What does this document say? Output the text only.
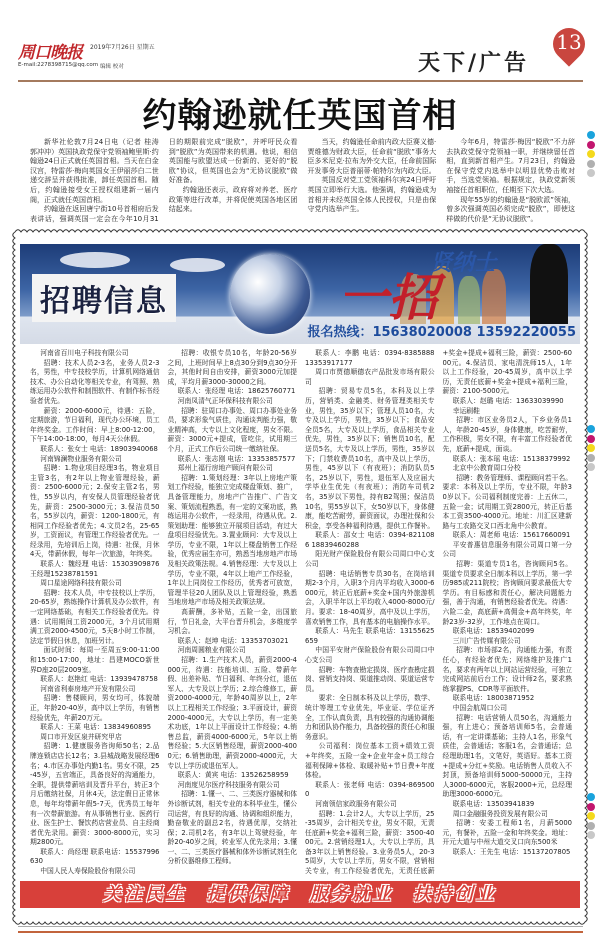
周口晚报 2019年7月26日 星期五
E-mail:2278398715@qq.com 编辑 校对	天下/广告
13
约翰逊就任英国首相

新华社伦敦7月24日电（记者 桂涛 郭冲冲）英国执政党保守党领袖鲍里斯·约翰逊24日正式就任英国首相。当天在白金汉宫，特雷莎·梅向英国女王伊丽莎白二世递交辞呈并获得批准，卸任英国首相。随后，约翰逊接受女王授权组建新一届内阁，正式就任英国首相。

约翰逊在返回唐宁街10号首相府后发表讲话，强调英国一定会在今年10月31日的期限前完成“脱欧”，并呼吁民众看到“脱欧”为英国带来的机遇。他说，相信英国能与欧盟达成一份新的、更好的“脱欧”协议，但英国也会为“无协议脱欧”做好准备。

约翰逊还表示，政府将对养老、医疗政策等进行改革，并将促使英国各地区团结起来。

当天，约翰逊任命前内政大臣赛义德·贾维德为财政大臣，任命前“脱欧”事务大臣多米尼克·拉布为外交大臣，任命前国际开发事务大臣普丽蒂·帕特尔为内政大臣。

英国反对党工党领袖科尔宾24日呼吁英国立即举行大选。他强调，约翰逊成为首相并未经英国全体人民授权，只是由保守党内选举产生。

今年6月，特雷莎·梅因“脱欧”不力辞去执政党保守党领袖一职，并继续留任首相，直到新首相产生。7月23日，约翰逊在保守党党内选举中以明显优势击败对手，当选党领袖。根据规定，执政党新领袖接任首相职位，任期至下次大选。

现年55岁的约翰逊是“脱欧派”领袖，曾多次强调英国必须完成“脱欧”，即使这样做的代价是“无协议脱欧”。

招聘信息	一招
贤纳士
报名热线：15638020008 13592220055

河南省百川电子科技有限公司

招聘：技术人员2-3名，业务人员2-3名，男性，中专技校学历，计算机网络通信技术、办公自动化等相关专业，有驾照、熟练运用办公软件和制图软件、有制作标书经验者优先。

薪资：2000-6000元，待遇：五险，定期旅游，节日福利，现代办公环境，员工年终奖金。工作时间：早上8:00-12:00，下午14:00-18:00，每月4天公休假。

联系人：张女士 电话：18903940068

河南锦澜物业服务有限公司

招聘：1.物业项目经理3名，物业项目主管3名，有2年以上物业管理经验，薪资：2500-6000元；2.保安主管2名，男性，55岁以内，有安保人员管理经验者优先，薪资：2500-3000元；3.保洁员50名，55岁以内，薪资：1200-1800元，有相同工作经验者优先；4.文员2名，25-65岁，工资面议，有管理工作经验者优先。一经录用，先培训后上岗，待遇：社保，月休4天，带薪休假，每年一次旅游，年终奖。

联系人：魏经理 电话：15303909876 王经理15238781591

周口星途网络科技有限公司

招聘：技术人员，中专技校以上学历，20-65岁，熟练操作计算机及办公软件，有一定网络基础，有相关工作经验者优先。待遇：试用期间工资2000元，3个月试用期满工资2000-4500元，5天8小时工作制，法定节假日休息，加班另计。

面试时间：每周一至周五9:00-11:00和15:00-17:00，地址：昌建MOCO新世界D座20层2009室。

联系人：赵艳红 电话：13939478758

河南省利泰房地产开发有限公司

招聘：售楼顾问，男女均可，体貌端正，年龄20-40岁，高中以上学历，有销售经验优先，年薪20万元。

联系人：王菜 电话：13834960895

周口市开发区泉井研究甲店

招聘：1.健康服务咨询师50名；2.品牌连锁店店长12名；3.县城战略发展经理6名；4.市区办事处内勤1名。男女不限，25-45岁，五官端正，具备良好的沟通能力，全职，提供带薪培训及晋升平台，转正3个月后缴纳社保，月休4天，法定假日正常休息，每年均带薪年假5-7天，优秀员工每年有一次带薪旅游。有从事销售行业、医药行业、医生护士、餐饮药店营业员、自主经商者优先录用。薪资：3000-8000元，实习期2800元。

联系人：尚经理 联系电话：15537996630

中国人民人寿保险股份有限公司

招聘：收银专员10名，年龄20-56岁之间，上班时间早上8点30分到9点30分开会，其他时间自由安排，薪资3000元加提成，平均月薪3000-30000之间。

联系人：张经理 电话：18625760771

河南凤清气正环保科技有限公司

招聘：驻周口办事处、周口办事处业务员，要求形象气质佳，沟通谈判能力强，敬业精神高，大专以上文化程度，男女不限。薪资：3000元+提成，管吃住，试用期三个月，正式工作后公司统一缴纳社保。

联系人：张志刚 电话：13353857577

郑州上福行房地产顾问有限公司

招聘：1.策划经理：3年以上房地产策划工作经验，能独立完成楼盘策划、推广，具备管理能力，房地产广告推广、广告文案、策划流程熟悉，有一定的文案功底，熟练运用办公软件，一经录用，待遇从优。2.策划助理：能够独立开展项目活动，有过大盘项目经验优先。3.置业顾问：大专及以上学历，专业不限，1年以上楼盘销售工作经验，优秀应届生亦可，熟悉当地房地产市场及相关政策法规。4.销售经理：大专及以上学历，专业不限，4年以上地产工作经验，1年以上同岗位工作经历，优秀者可放宽，管理半径20人团队及以上管理经验，熟悉当地房地产市场及相关政策法规。

高薪酬，多补贴，五险一金，出国旅行，节日礼金，大平台晋升机会，多维度学习机会。

联系人：赵坤 电话：13353703021

河南周圆粮业有限公司

招聘：1.生产技术人员，薪资2000-4000元，待遇：技能培训、五险、带薪年假、出差补贴、节日福利、年终分红，退伍军人、大专及以上学历；2.综合维修工，薪资2000-4000元，年龄40周岁以上，2年以上工程相关工作经验；3.平面设计，薪资2000-4000元，大专以上学历，有一定美术功底，1年以上平面设计工作经验；4.销售总监，薪资4000-6000元，5年以上销售经验；5.大区销售经理，薪资2000-4000元；6.销售助理，薪资2000-4000元，大专以上学历或退伍军人。

联系人：黄宾 电话：13526258959

河南度见尔医疗科技服务有限公司

招聘：1.懂一、二、三类医疗器械和体外诊断试剂，相关专业的本科毕业生，懂公司运营，有良好的沟通、协调和组织能力，勤奋敬业的副总2名，待遇优厚，交纳社保；2.司机2名，有3年以上驾驶经验，年龄20-40岁之间，转业军人优先录用；3.懂一、二、三类医疗器械和体外诊断试剂生化分析仪器维修工程师。

联系人：李鹏 电话：0394-8385888 13353917177

周口市贾德顺德农产品批发市场有限公司

招聘：贸易专员5名，本科及以上学历，营销类、金融类、财务管理类相关专业，男性，35岁以下；管理人员10名，大专及以上学历，男性，35岁以下；食品安全员5名，大专及以上学历，食品相关专业优先，男性，35岁以下；销售员10名，配送员5名，大专及以上学历，男性，35岁以下；门禁收费员10名，高中及以上学历，男性，45岁以下（有夜班）；消防队员5名，25岁以下，男性，退伍军人及应届大学毕业生优先（有夜班）；消防车司机2名，35岁以下男性，持有B2驾照；保洁员10名，男55岁以下，女50岁以下，身体健康，能吃苦耐劳，薪资面议，办理社保和公积金，享受各种福利待遇，提供工作餐补。

联系人：邵女士 电话：0394-8211086 18839460288

阳光财产保险股份有限公司周口中心支公司

招聘：电话销售专员30名，在岗培训期2-3个月，入职3个月内平均收入3000-6000元，转正后底薪+奖金+国内外旅游机会，入职半年以上平均收入4000-8000元/月。要求：18-40周岁，高中及以上学历，喜欢销售工作，具有基本的电脑操作水平。

联系人：马先生 联系电话：13155625659

中国平安财产保险股份有限公司周口中心支公司

招聘：车物查勘定损岗、医疗查勘定损岗、营销支持岗、渠道推动岗、渠道运营专员。

要求：全日制本科及以上学历，数学、统计等理工专业优先，毕业证、学位证齐全，工作认真负责，具有较强的沟通协调能力和团队协作能力，具备较强的责任心和服务意识。

公司福利：岗位基本工资+绩效工资+年终奖，五险一金+企业年金+员工综合福利保障+体检、取暖补贴+节日费+年度体检。

联系人：张老师 电话：0394-8695000

河南领信家政服务有限公司

招聘：1.会计2人，大专以上学历，25-35周岁，会计相关专业，男女不限，无责任底薪+奖金+福利三险，薪资：3500-4000元。2.营销经理1人，大专以上学历，具备3年以上销售经验。3.业务员5人，20-35周岁，大专以上学历，男女不限，营销相关专业，有工作经验者优先，无责任底薪+奖金+提成+福利三险，薪资：2500-6000元。4.保洁员、家电清洗师15人，1年以上工作经验，20-45周岁，高中以上学历，无责任底薪+奖金+提成+福利三险，薪资：2100-5000元。

联系人：赵璐 电话：13633039990

幸运刷鞋

招聘：市区业务员2人，下乡业务员1人，年龄20-45岁，身体健康，吃苦耐劳，工作积极，男女不限，有丰富工作经验者优先，底薪+提成，面谈。

联系人：张本瑶 电话：15138379992

北京中公教育周口分校

招聘：教务管理师、课程顾问若干名。要求：本科及以上学历，专业不限，年龄30岁以下。公司福利制度完善：上五休二，五险一金；试用期工资2800元，转正后基本工资3500-4000元。地址：川汇区建新路与工农路交叉口西北角中公教育。

联系人：周老师 电话：15617660091

平安普惠信息服务有限公司周口第一分公司

招聘：渠道专员1名，咨询顾问5名。渠道专员要求全日制本科以上学历，第一学历985或211院校；咨询顾问要求最低大专学历。有目标感和责任心，解决问题能力强，善于沟通，有销售经验者优先。待遇：六险二金，高底薪+高佣金+高年终奖，年龄23岁-32岁，工作地点在周口。

联系电话：18539402099

三川广告传媒有限公司

招聘：市场部2名，沟通能力强，有责任心，有经验者优先；网络维护及推广1名，要求有两年以上网站运营经验，可独立完成网站前后台工作；设计师2名，要求熟练掌握PS、CDR等平面软件。

联系电话：18003871952

中国会航周口公司

招聘：电话营销人员50名，沟通能力强，有上进心；预备培训师5名，会普通话，有一定讲课基础；主持人1名，形象气质佳，会普通话；客服1名，会普通话；总经理助理1名，文笔好，英语好。基本工资+提成+分红+奖励。电话销售人员收入不封顶，预备培训师5000-50000元，主持人3000-6000元，客服2000+元，总经理助理3000-6000元。

联系电话：13503941839

周口金融服务投资发展有限公司

招聘：安委工程师1名，月薪5000元，有餐补，五险一金和年终奖金。地址：开元大道与中州大道交叉口向东500米

联系人：王先生 电话：15137207805

关注民生 提供保障 服务就业 扶持创业
